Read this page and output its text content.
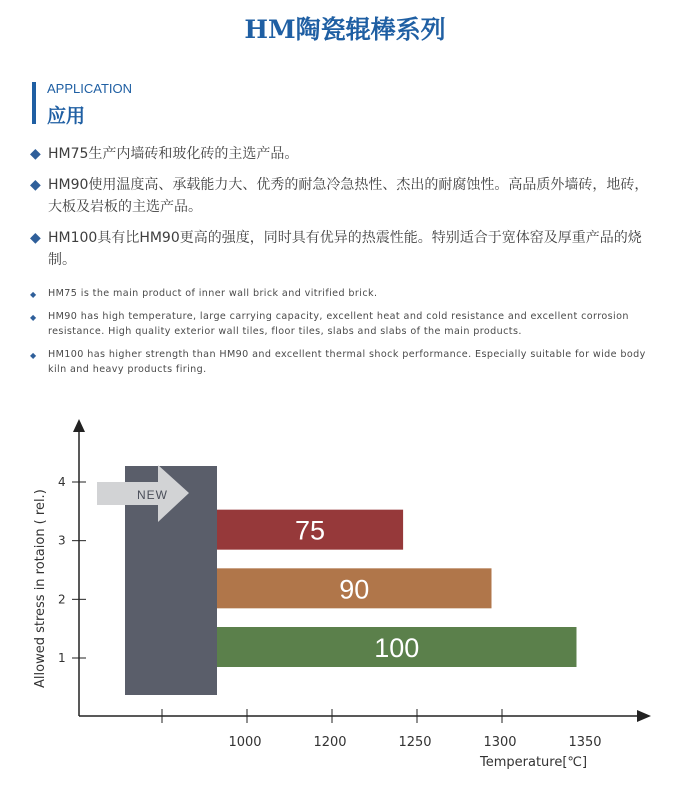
HM陶瓷辊棒系列
APPLICATION
应用
◆ HM75生产内墙砖和玻化砖的主选产品。
◆ HM90使用温度高、承载能力大、优秀的耐急冷急热性、杰出的耐腐蚀性。高品质外墙砖，地砖，大板及岩板的主选产品。
◆ HM100具有比HM90更高的强度，同时具有优异的热震性能。特别适合于宽体窑及厚重产品的烧制。
◆ HM75 is the main product of inner wall brick and vitrified brick.
◆ HM90 has high temperature, large carrying capacity, excellent heat and cold resistance and excellent corrosion resistance. High quality exterior wall tiles, floor tiles, slabs and slabs of the main products.
◆ HM100 has higher strength than HM90 and excellent thermal shock performance. Especially suitable for wide body kiln and heavy products firing.
NEW
Allowed stress in rotaion ( rel.)
Temperature[℃]
1
2
3
4
1000	1200	1250	1300	1350
75
90
100
